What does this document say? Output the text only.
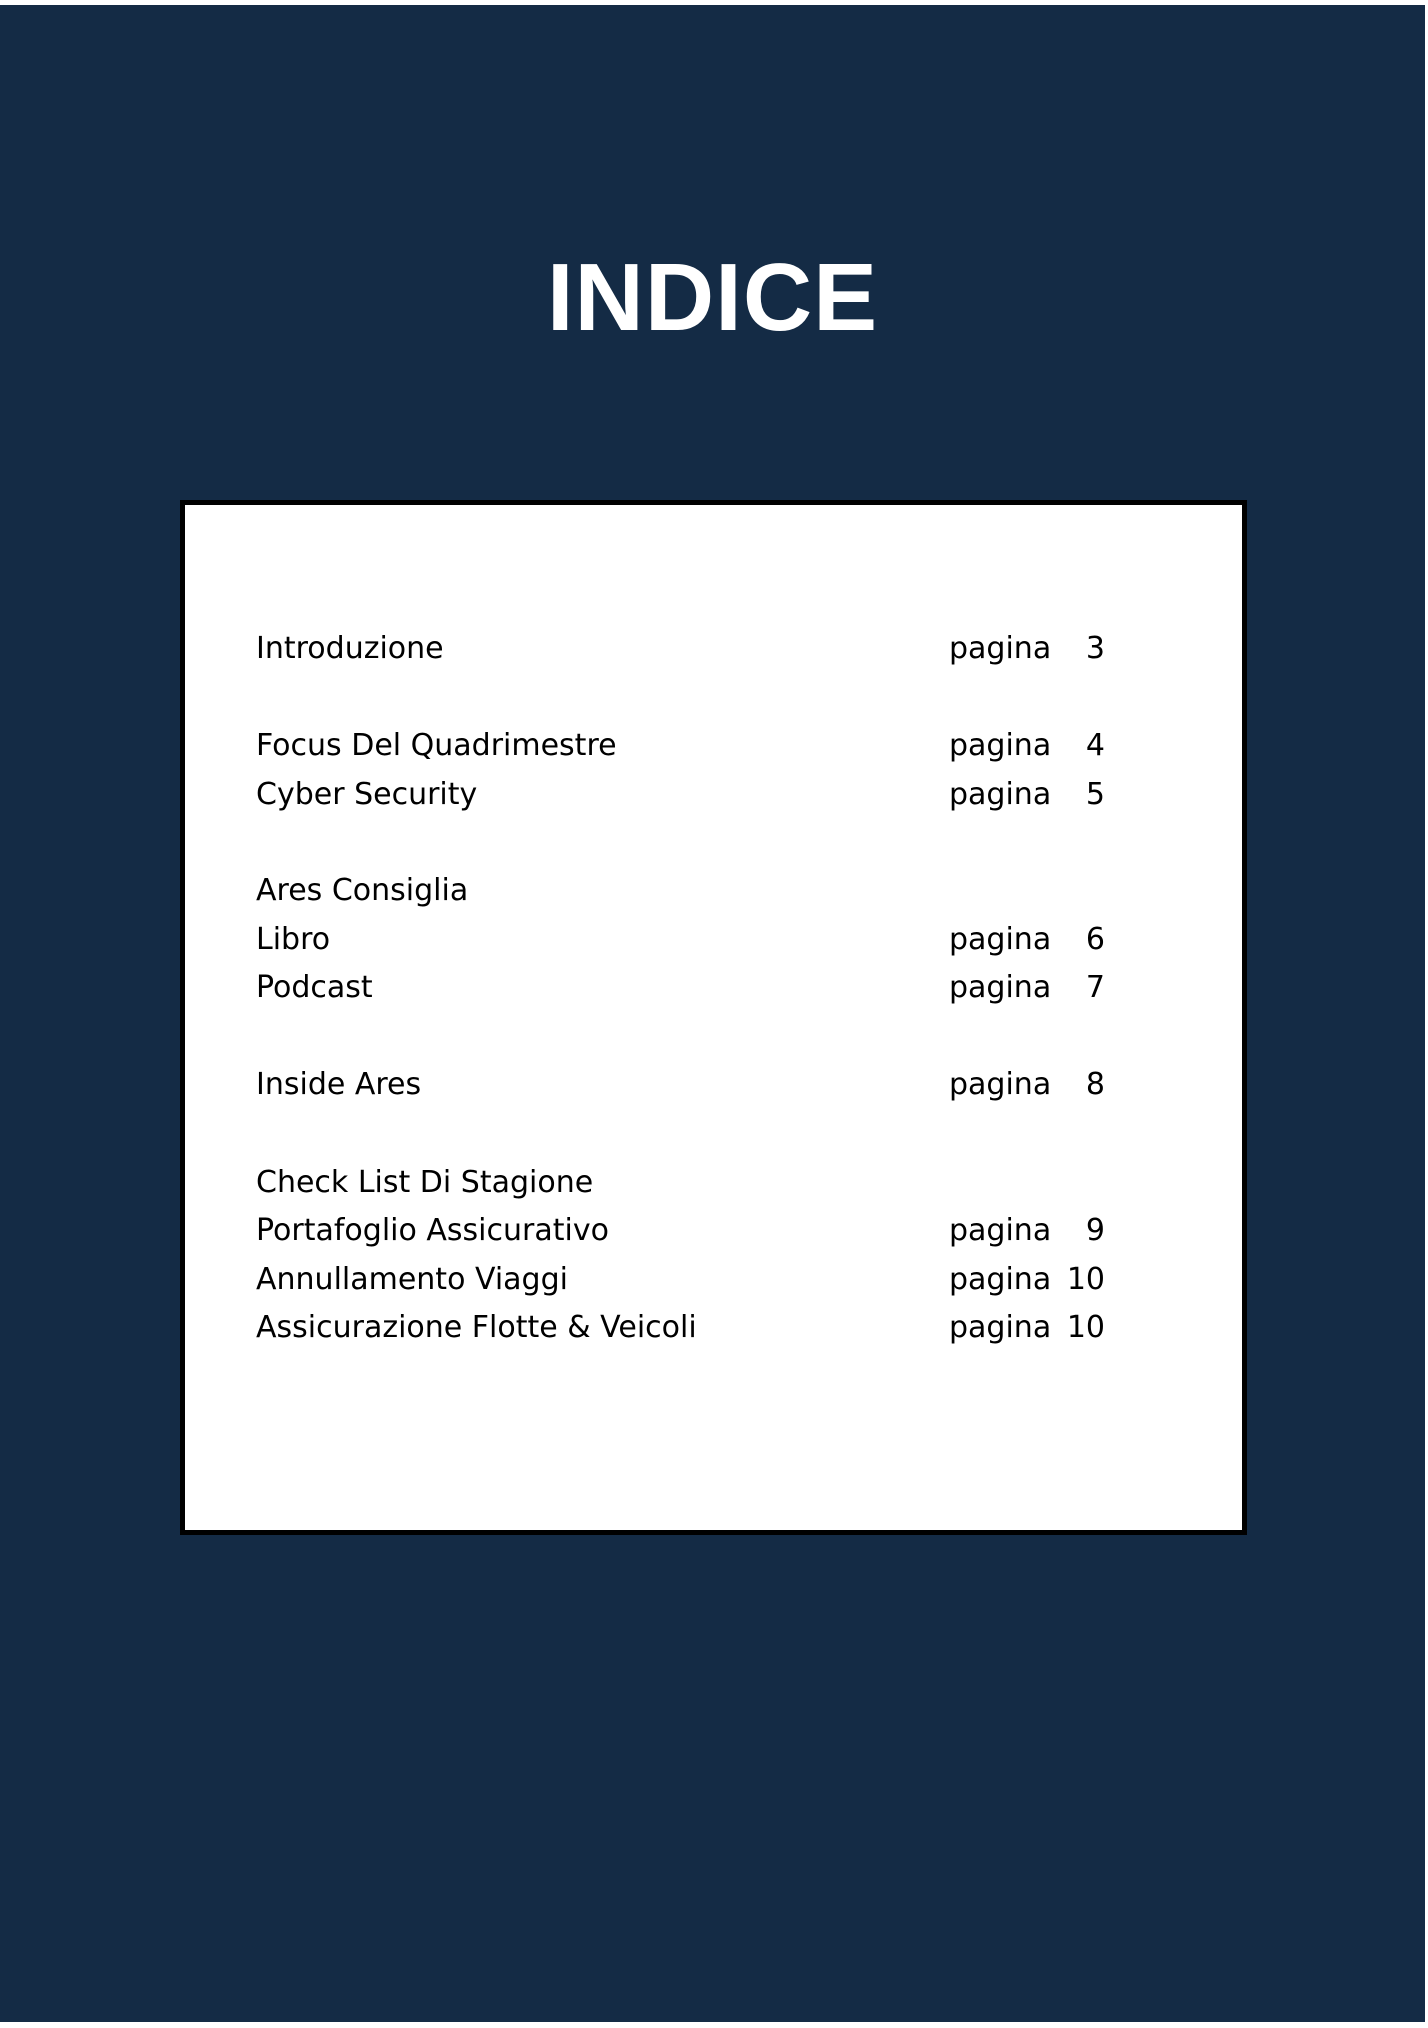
INDICE
Introduzione	pagina	3
Focus Del Quadrimestre	pagina	4
Cyber Security	pagina	5
Ares Consiglia
Libro	pagina	6
Podcast	pagina	7
Inside Ares	pagina	8
Check List Di Stagione
Portafoglio Assicurativo	pagina	9
Annullamento Viaggi	pagina 10
Assicurazione Flotte & Veicoli	pagina 10
